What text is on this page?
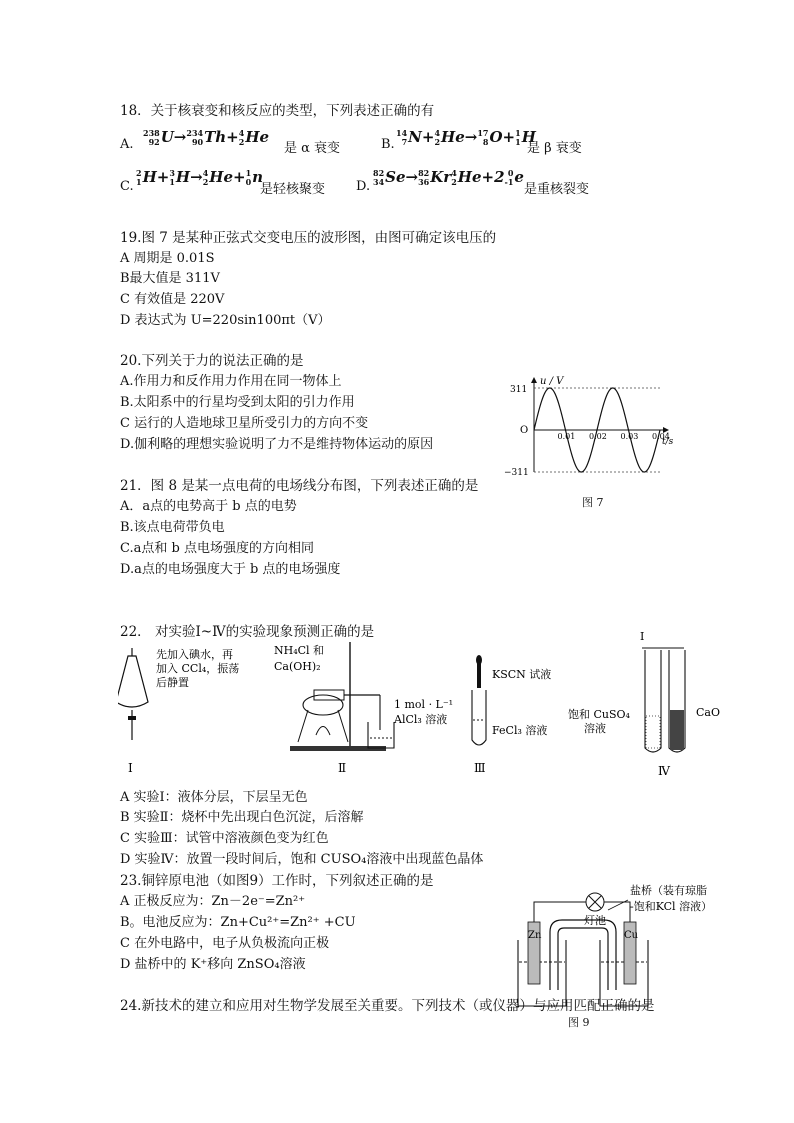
18．关于核衰变和核反应的类型，下列表述正确的有
A.
238
92 U→ 234
90 Th+ 4
2 He
是 α 衰变	B.
14
7 N+ 4
2 He→ 17
8 O+ 1
1 H
是 β 衰变
C.
2
1 H+ 3
1 H→ 4
2 He+ 1
0 n
是轻核聚变 D.
82
34 Se→ 82
36 Kr 4
2 He+2 0
-1 e
是重核裂变
19.图 7 是某种正弦式交变电压的波形图，由图可确定该电压的
A 周期是 0.01S
B最大值是 311V
C 有效值是 220V
D 表达式为 U=220sin100πt（V）
20.下列关于力的说法正确的是
A.作用力和反作用力作用在同一物体上
B.太阳系中的行星均受到太阳的引力作用
C 运行的人造地球卫星所受引力的方向不变
D.伽利略的理想实验说明了力不是维持物体运动的原因
u / V
t/s
311
−311
O
0.01 0.02 0.03 0.04
图 7
21．图 8 是某一点电荷的电场线分布图，下列表述正确的是
A．a点的电势高于 b 点的电势
B.该点电荷带负电
C.a点和 b 点电场强度的方向相同
D.a点的电场强度大于 b 点的电场强度
22． 对实验Ⅰ~Ⅳ的实验现象预测正确的是
先加入碘水，再
加入 CCl₄，振荡
后静置
Ⅰ
NH₄Cl 和
Ca(OH)₂
1 mol · L⁻¹
AlCl₃ 溶液
Ⅱ
KSCN 试液
FeCl₃ 溶液
Ⅲ
I
饱和 CuSO₄
溶液
CaO
Ⅳ
A 实验Ⅰ：液体分层，下层呈无色
B 实验Ⅱ：烧杯中先出现白色沉淀，后溶解
C 实验Ⅲ：试管中溶液颜色变为红色
D 实验Ⅳ：放置一段时间后，饱和 CUSO₄溶液中出现蓝色晶体
23.铜锌原电池（如图9）工作时，下列叙述正确的是
A 正极反应为：Zn－2e⁻=Zn²⁺
B。电池反应为：Zn+Cu²⁺=Zn²⁺ +CU
C 在外电路中，电子从负极流向正极
D 盐桥中的 K⁺移向 ZnSO₄溶液
Zn	Cu
灯池
盐桥（装有琼脂
-饱和KCl 溶液）
24.新技术的建立和应用对生物学发展至关重要。下列技术（或仪器）与应用匹配正确的是
图 9
